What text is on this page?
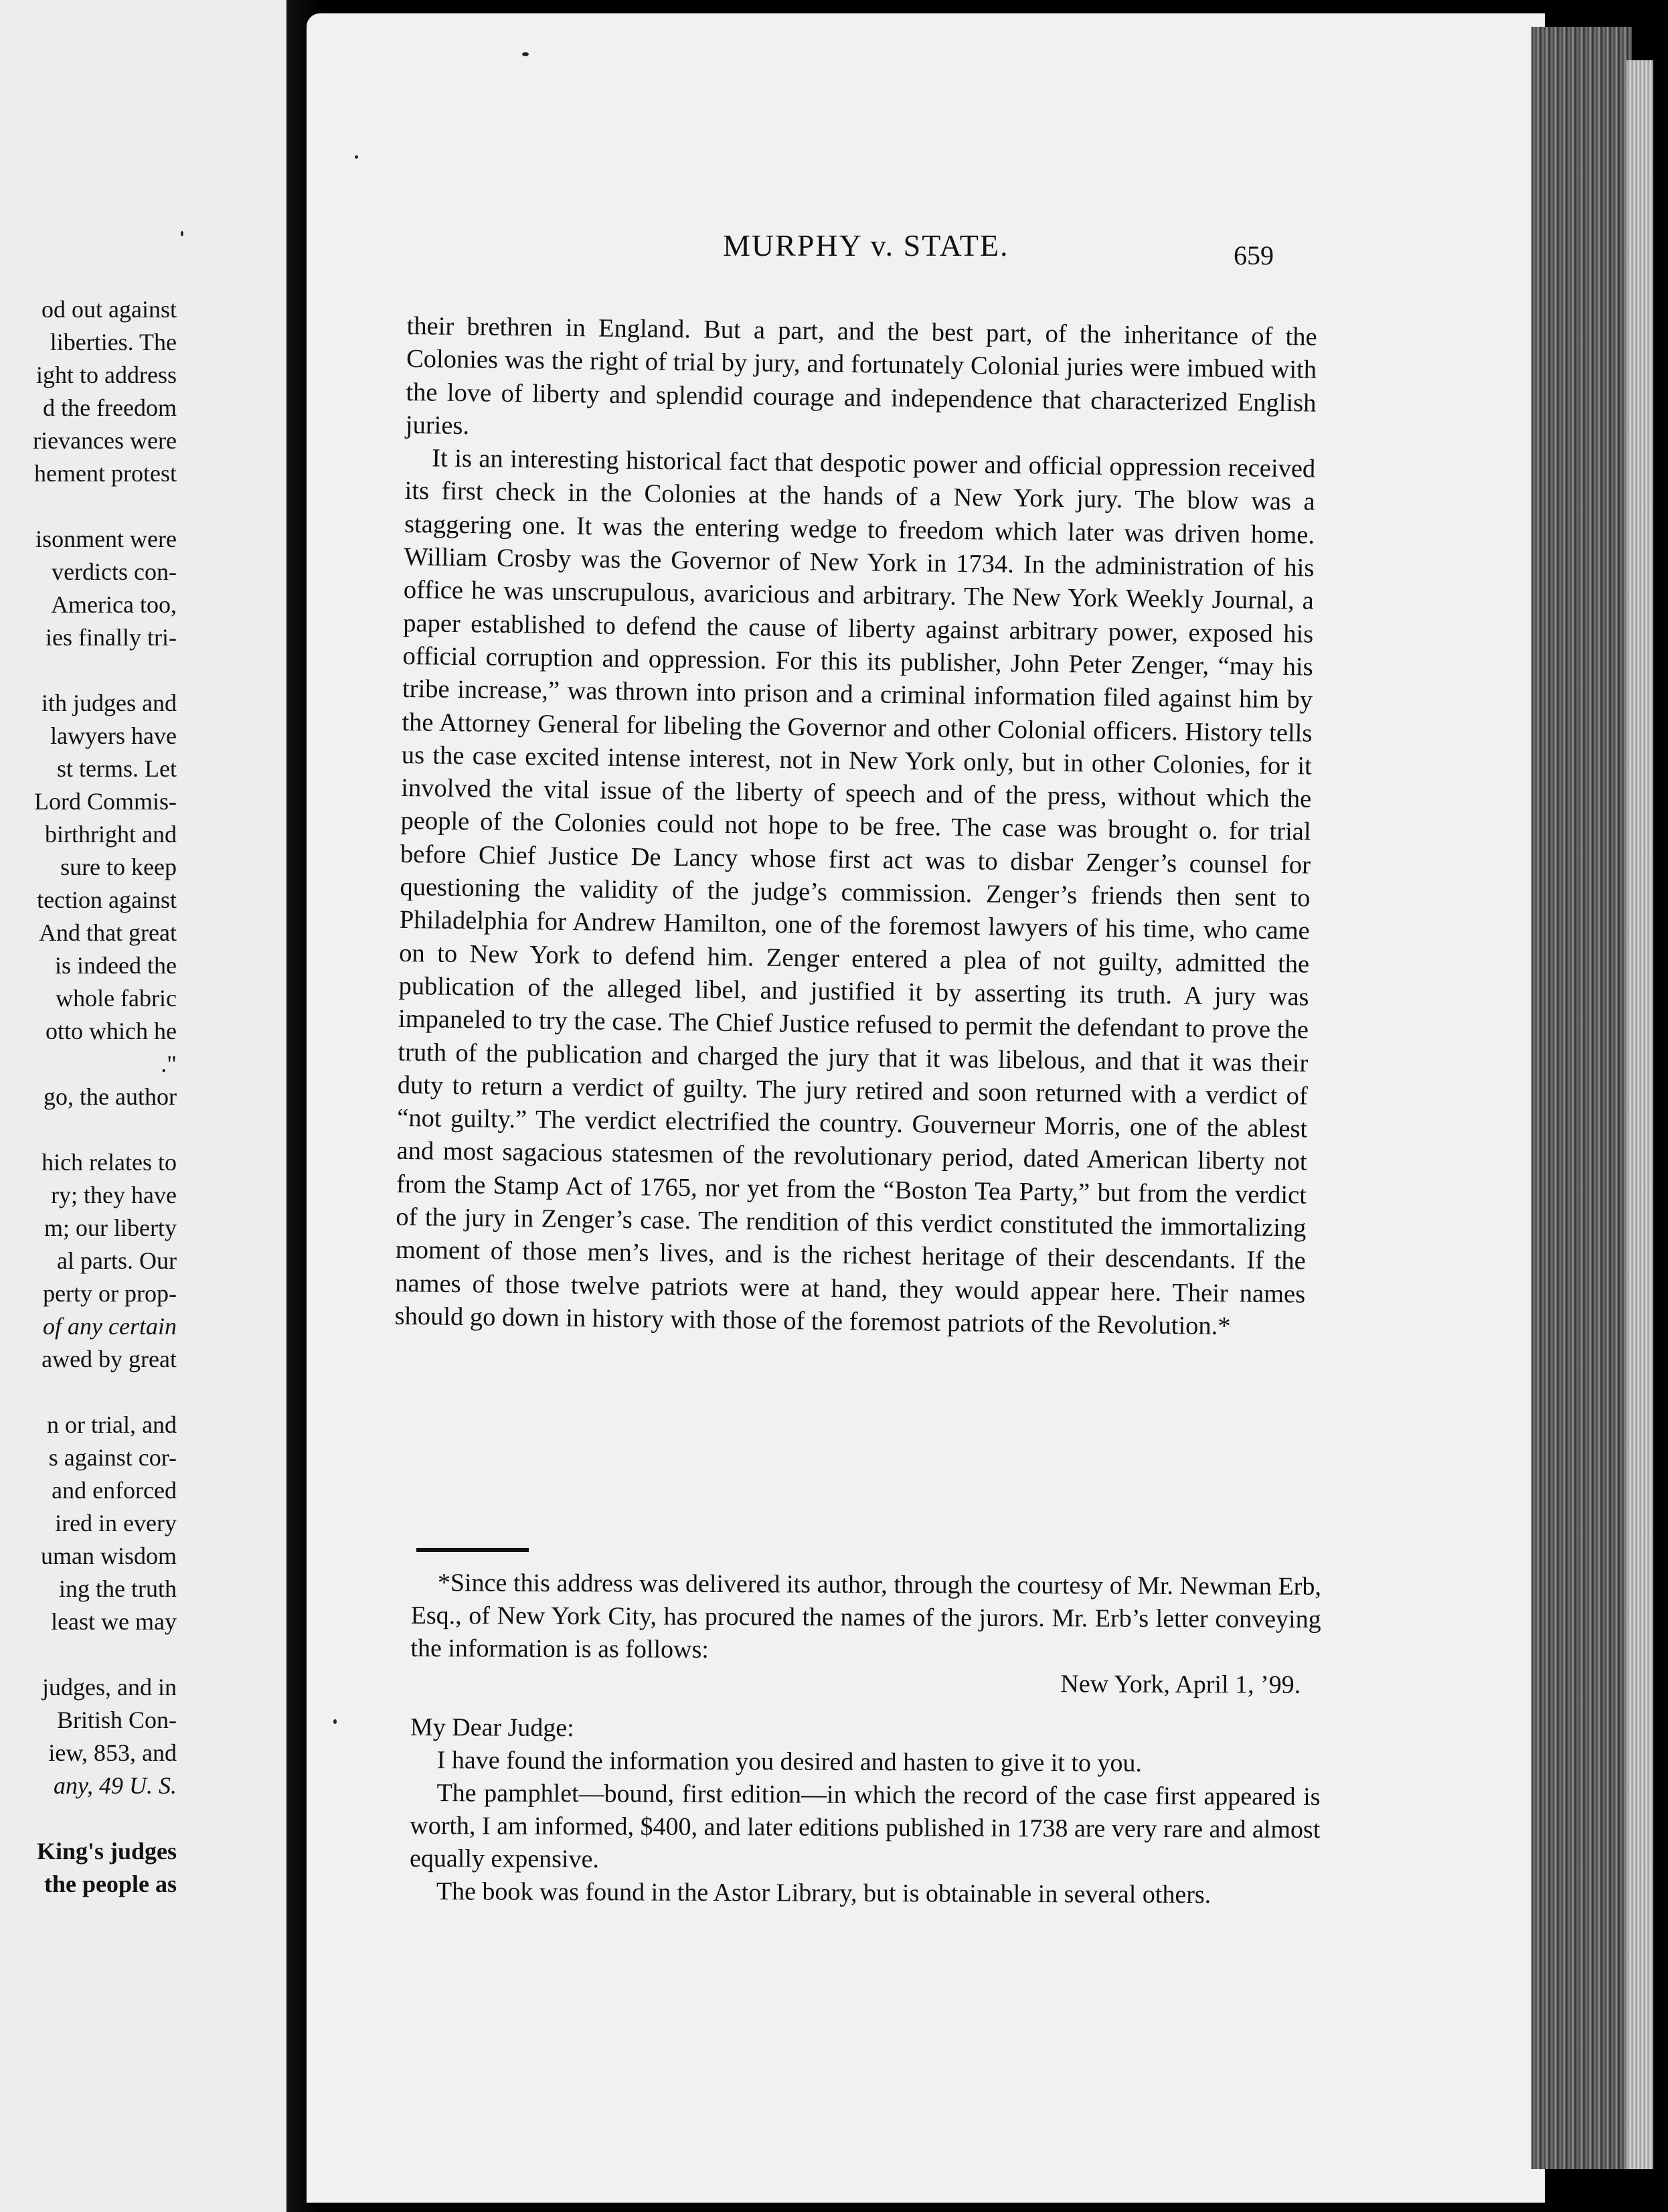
od out against
liberties. The
ight to address
d the freedom
rievances were
hement protest
isonment were
verdicts con-
America too,
ies finally tri-
ith judges and
lawyers have
st terms. Let
Lord Commis-
birthright and
sure to keep
tection against
And that great
is indeed the
whole fabric
otto which he
."
go, the author
hich relates to
ry; they have
m; our liberty
al parts. Our
perty or prop-
of any certain
awed by great
n or trial, and
s against cor-
and enforced
ired in every
uman wisdom
ing the truth
least we may
judges, and in
British Con-
iew, 853, and
any, 49 U. S.
King's judges
the people as
MURPHY v. STATE.	659

their brethren in England. But a part, and the best part, of the inheritance of the Colonies was the right of trial by jury, and fortunately Colonial juries were imbued with the love of liberty and splendid courage and independence that characterized English juries.

It is an interesting historical fact that despotic power and official oppression received its first check in the Colonies at the hands of a New York jury. The blow was a staggering one. It was the entering wedge to freedom which later was driven home. William Crosby was the Governor of New York in 1734. In the administration of his office he was unscrupulous, avaricious and arbitrary. The New York Weekly Journal, a paper established to defend the cause of liberty against arbitrary power, exposed his official corruption and oppression. For this its publisher, John Peter Zenger, “may his tribe increase,” was thrown into prison and a criminal information filed against him by the Attorney General for libeling the Governor and other Colonial officers. History tells us the case excited intense interest, not in New York only, but in other Colonies, for it involved the vital issue of the liberty of speech and of the press, without which the people of the Colonies could not hope to be free. The case was brought o. for trial before Chief Justice De Lancy whose first act was to disbar Zenger’s counsel for questioning the validity of the judge’s commission. Zenger’s friends then sent to Philadelphia for Andrew Hamilton, one of the foremost lawyers of his time, who came on to New York to defend him. Zenger entered a plea of not guilty, admitted the publication of the alleged libel, and justified it by asserting its truth. A jury was impaneled to try the case. The Chief Justice refused to permit the defendant to prove the truth of the publication and charged the jury that it was libelous, and that it was their duty to return a verdict of guilty. The jury retired and soon returned with a verdict of “not guilty.” The verdict electrified the country. Gouverneur Morris, one of the ablest and most sagacious statesmen of the revolutionary period, dated American liberty not from the Stamp Act of 1765, nor yet from the “Boston Tea Party,” but from the verdict of the jury in Zenger’s case. The rendition of this verdict constituted the immortalizing moment of those men’s lives, and is the richest heritage of their descendants. If the names of those twelve patriots were at hand, they would appear here. Their names should go down in history with those of the foremost patriots of the Revolution.*

*Since this address was delivered its author, through the courtesy of Mr. Newman Erb, Esq., of New York City, has procured the names of the jurors. Mr. Erb’s letter conveying the information is as follows:

New York, April 1, ’99.

My Dear Judge:

I have found the information you desired and hasten to give it to you.

The pamphlet—bound, first edition—in which the record of the case first appeared is worth, I am informed, $400, and later editions published in 1738 are very rare and almost equally expensive.

The book was found in the Astor Library, but is obtainable in several others.
